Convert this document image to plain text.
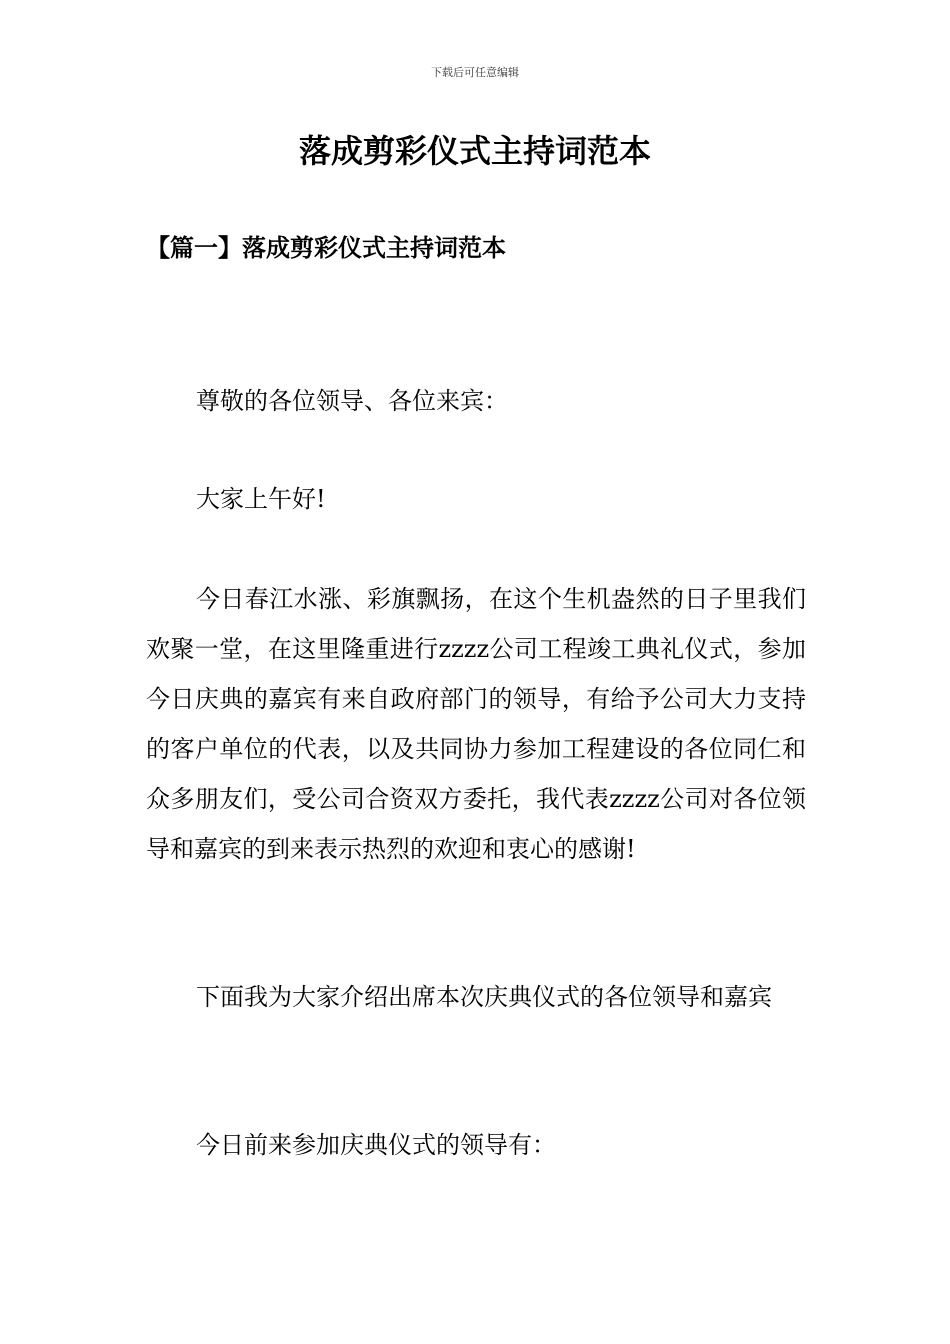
下载后可任意编辑
落成剪彩仪式主持词范本
【篇一】落成剪彩仪式主持词范本

尊敬的各位领导、各位来宾：

大家上午好!

今日春江水涨、彩旗飘扬，在这个生机盎然的日子里我们欢聚一堂，在这里隆重进行zzzz公司工程竣工典礼仪式，参加今日庆典的嘉宾有来自政府部门的领导，有给予公司大力支持的客户单位的代表，以及共同协力参加工程建设的各位同仁和众多朋友们，受公司合资双方委托，我代表zzzz公司对各位领导和嘉宾的到来表示热烈的欢迎和衷心的感谢!

下面我为大家介绍出席本次庆典仪式的各位领导和嘉宾

今日前来参加庆典仪式的领导有：
